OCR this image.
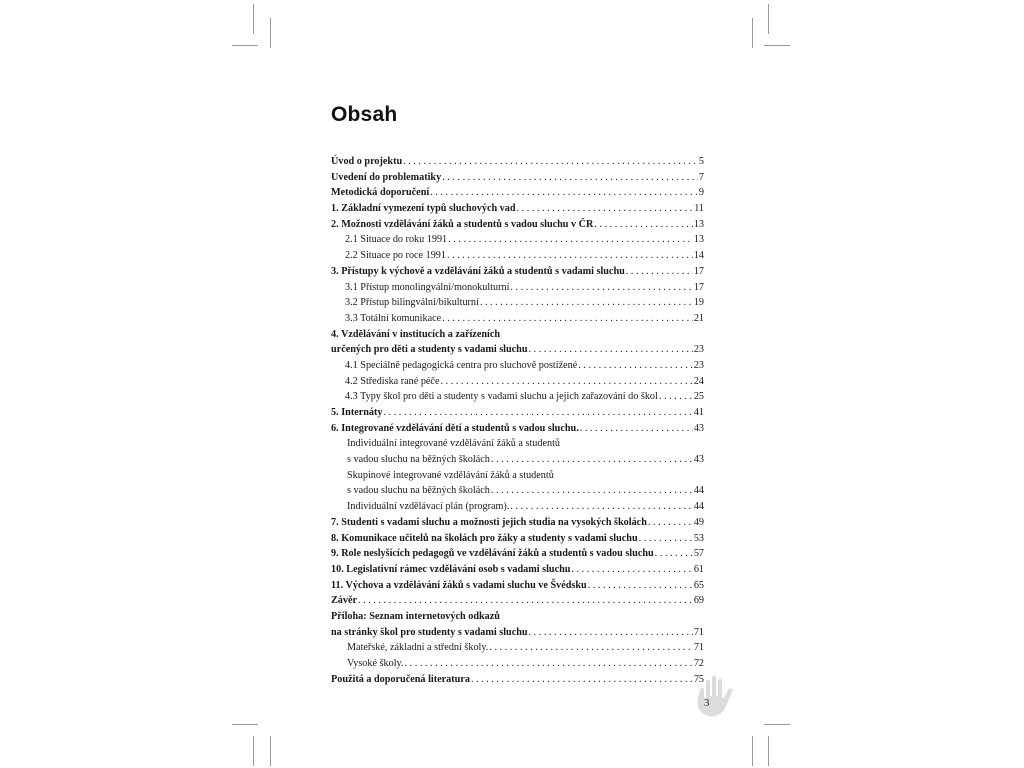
Obsah
Úvod o projektu . . .	5
Uvedení do problematiky . . .	7
Metodická doporučení . . .	9
1. Základní vymezení typů sluchových vad . . .	11
2. Možnosti vzdělávání žáků a studentů s vadou sluchu v ČR . . .	13
2.1 Situace do roku 1991 . . .	13
2.2 Situace po roce 1991 . . .	14
3. Přístupy k výchově a vzdělávání žáků a studentů s vadami sluchu . . .	17
3.1 Přístup monolingvální/monokulturní . . .	17
3.2 Přístup bilingválni/bikulturní . . .	19
3.3 Totální komunikace . . .	21
4. Vzdělávání v institucích a zařízeních
určených pro děti a studenty s vadami sluchu . . .	23
4.1 Speciálně pedagogická centra pro sluchově postižené . . .	23
4.2 Střediska rané péče . . .	24
4.3 Typy škol pro děti a studenty s vadami sluchu a jejich zařazování do škol . . .	25
5. Internáty . . .	41
6. Integrované vzdělávání dětí a studentů s vadou sluchu. . . .	43
Individuální integrované vzdělávání žáků a studentů
s vadou sluchu na běžných školách . . .	43
Skupinové integrované vzdělávání žáků a studentů
s vadou sluchu na běžných školách . . .	44
Individuální vzdělávací plán (program). . . .	44
7. Studenti s vadami sluchu a možnosti jejich studia na vysokých školách . . .	49
8. Komunikace učitelů na školách pro žáky a studenty s vadami sluchu . . .	53
9. Role neslyšících pedagogů ve vzdělávání žáků a studentů s vadou sluchu . . .	57
10. Legislativní rámec vzdělávání osob s vadami sluchu . . .	61
11. Výchova a vzdělávání žáků s vadami sluchu ve Švédsku . . .	65
Závěr . . .	69
Příloha: Seznam internetových odkazů
na stránky škol pro studenty s vadami sluchu . . .	71
Mateřské, základní a střední školy. . . .	71
Vysoké školy. . . .	72
Použitá a doporučená literatura . . .	75
3
